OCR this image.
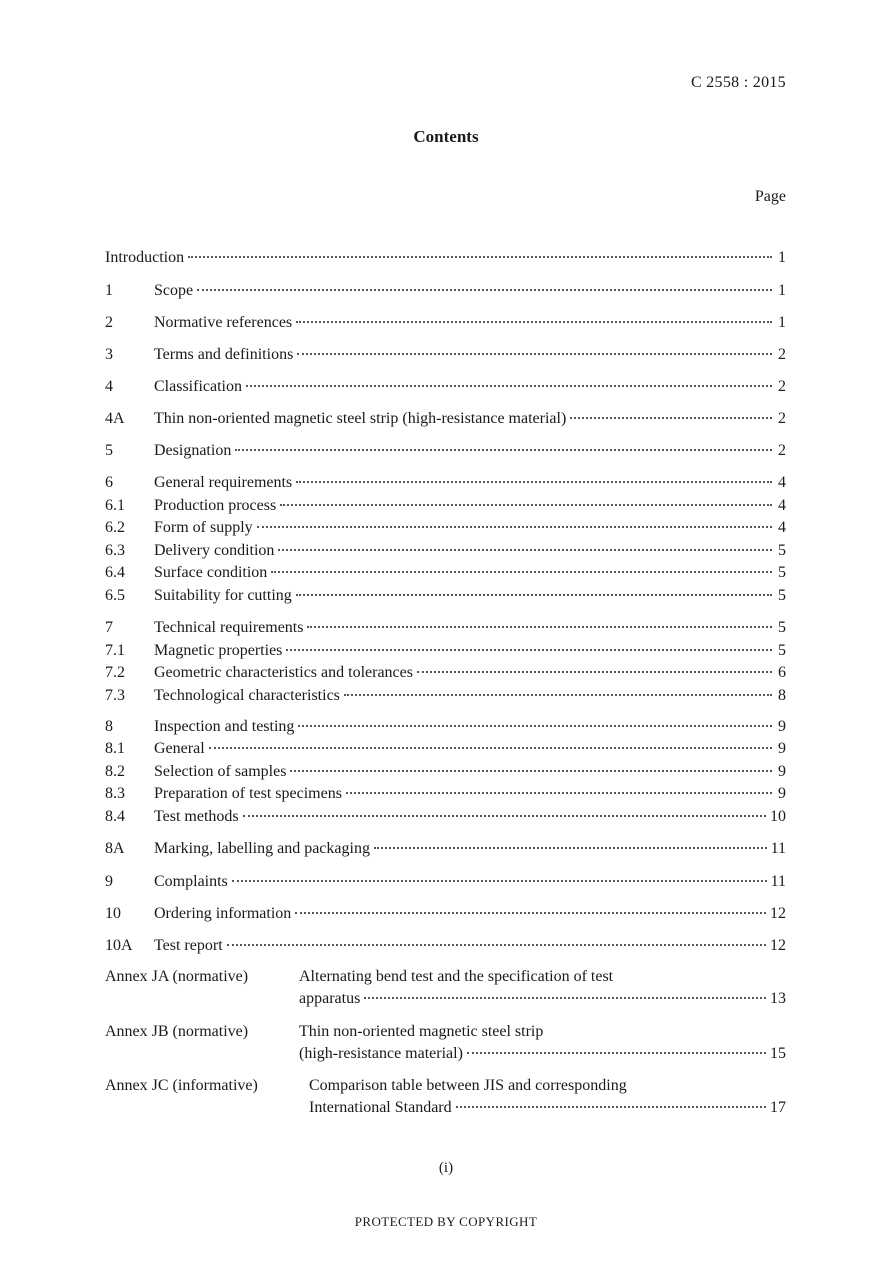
C 2558 : 2015
Contents
Page
Introduction	1
1	Scope	1
2	Normative references	1
3	Terms and definitions	2
4	Classification	2
4A	Thin non-oriented magnetic steel strip (high-resistance material)	2
5	Designation	2
6	General requirements	4
6.1	Production process	4
6.2	Form of supply	4
6.3	Delivery condition	5
6.4	Surface condition	5
6.5	Suitability for cutting	5
7	Technical requirements	5
7.1	Magnetic properties	5
7.2	Geometric characteristics and tolerances	6
7.3	Technological characteristics	8
8	Inspection and testing	9
8.1	General	9
8.2	Selection of samples	9
8.3	Preparation of test specimens	9
8.4	Test methods	10
8A	Marking, labelling and packaging	11
9	Complaints	11
10	Ordering information	12
10A	Test report	12
Annex JA (normative)	Alternating bend test and the specification of test
apparatus	13
Annex JB (normative)	Thin non-oriented magnetic steel strip
(high-resistance material)	15
Annex JC (informative)	Comparison table between JIS and corresponding
International Standard	17
(i)
PROTECTED BY COPYRIGHT
